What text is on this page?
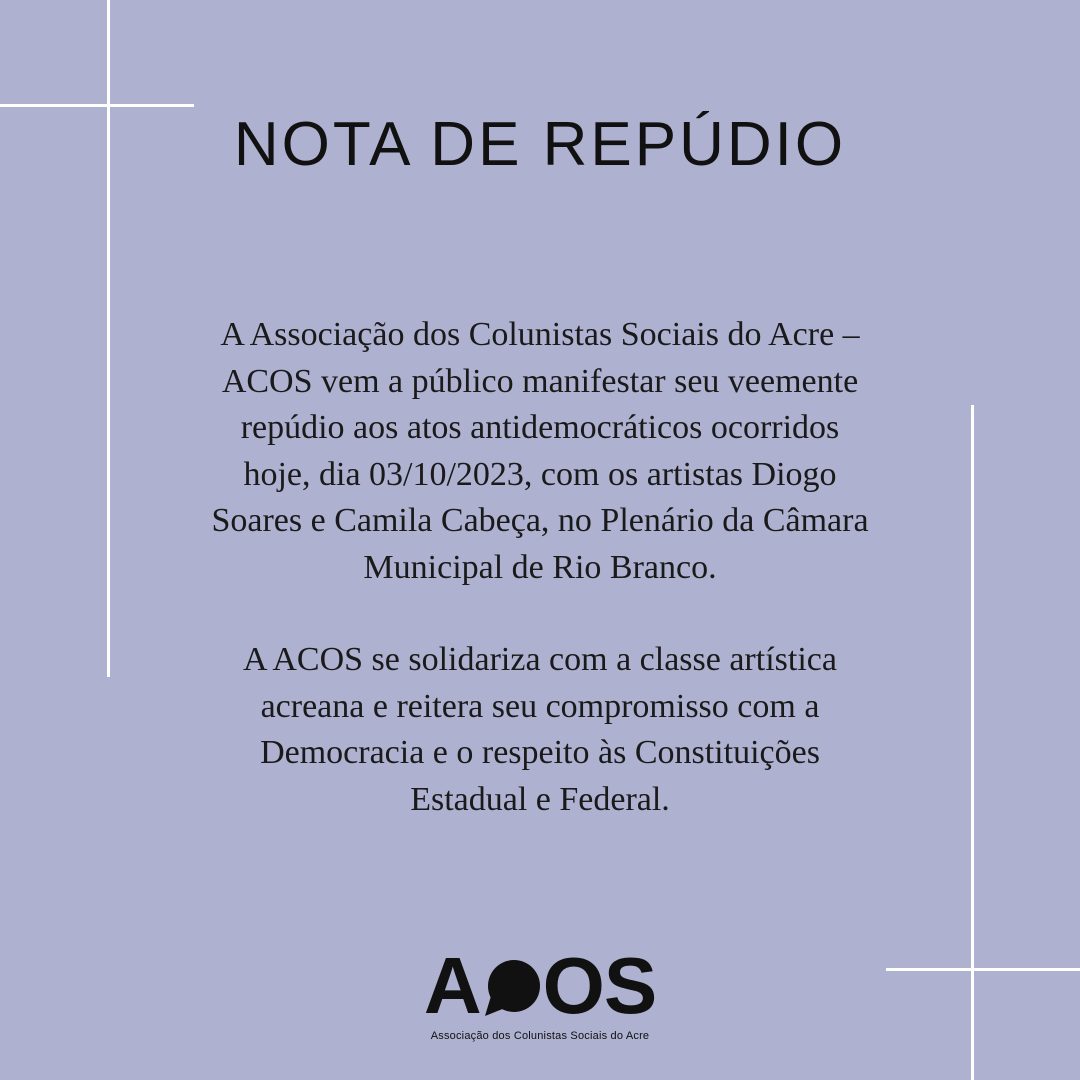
NOTA DE REPÚDIO

A Associação dos Colunistas Sociais do Acre –
ACOS vem a público manifestar seu veemente
repúdio aos atos antidemocráticos ocorridos
hoje, dia 03/10/2023, com os artistas Diogo
Soares e Camila Cabeça, no Plenário da Câmara
Municipal de Rio Branco.

A ACOS se solidariza com a classe artística
acreana e reitera seu compromisso com a
Democracia e o respeito às Constituições
Estadual e Federal.

A O S
Associação dos Colunistas Sociais do Acre
